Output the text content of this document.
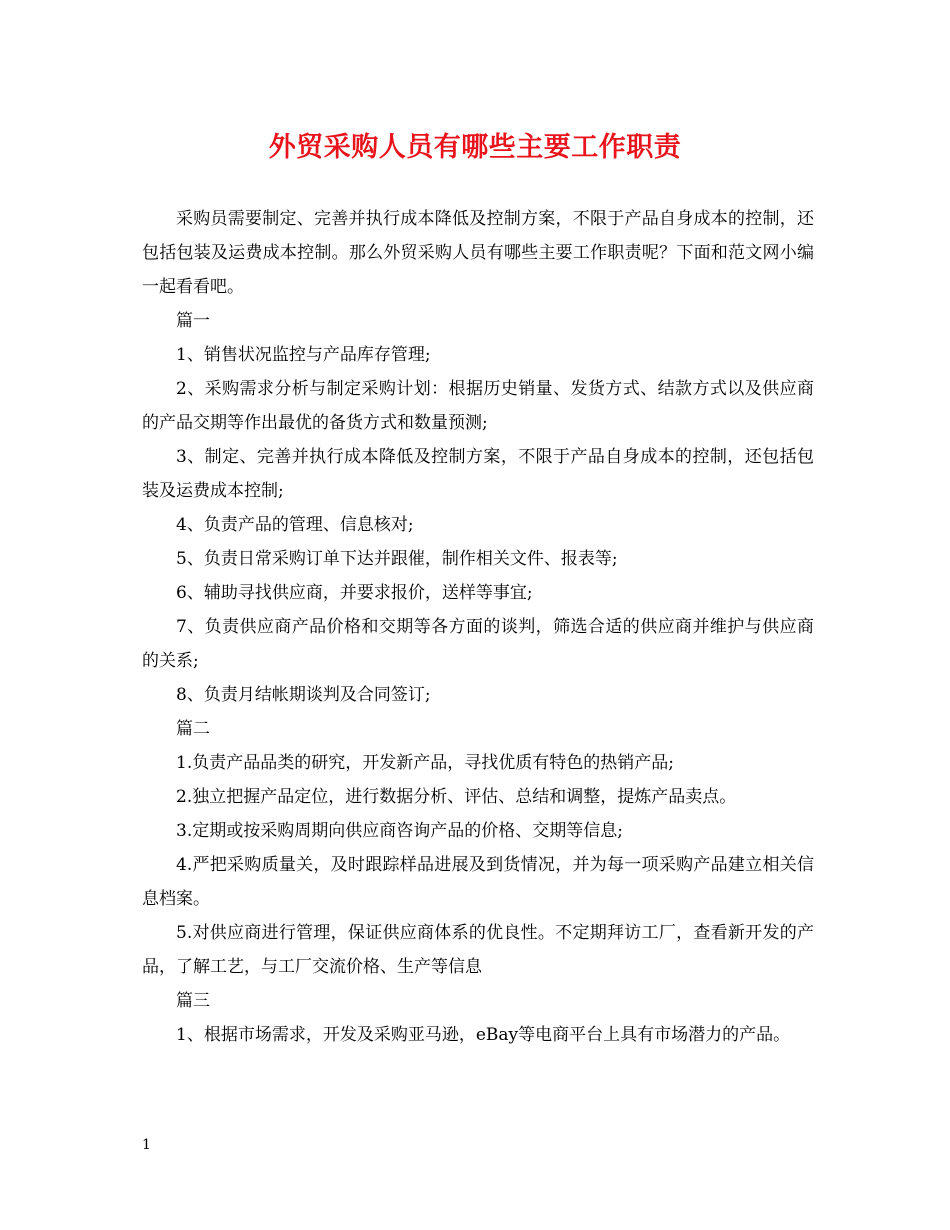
外贸采购人员有哪些主要工作职责

采购员需要制定、完善并执行成本降低及控制方案，不限于产品自身成本的控制，还包括包装及运费成本控制。那么外贸采购人员有哪些主要工作职责呢？下面和范文网小编一起看看吧。

篇一

1、销售状况监控与产品库存管理;

2、采购需求分析与制定采购计划：根据历史销量、发货方式、结款方式以及供应商的产品交期等作出最优的备货方式和数量预测;

3、制定、完善并执行成本降低及控制方案，不限于产品自身成本的控制，还包括包装及运费成本控制;

4、负责产品的管理、信息核对;

5、负责日常采购订单下达并跟催，制作相关文件、报表等;

6、辅助寻找供应商，并要求报价，送样等事宜;

7、负责供应商产品价格和交期等各方面的谈判，筛选合适的供应商并维护与供应商的关系;

8、负责月结帐期谈判及合同签订;

篇二

1.负责产品品类的研究，开发新产品，寻找优质有特色的热销产品;

2.独立把握产品定位，进行数据分析、评估、总结和调整，提炼产品卖点。

3.定期或按采购周期向供应商咨询产品的价格、交期等信息;

4.严把采购质量关，及时跟踪样品进展及到货情况，并为每一项采购产品建立相关信息档案。

5.对供应商进行管理，保证供应商体系的优良性。不定期拜访工厂，查看新开发的产品，了解工艺，与工厂交流价格、生产等信息

篇三

1、根据市场需求，开发及采购亚马逊，eBay等电商平台上具有市场潜力的产品。

1
